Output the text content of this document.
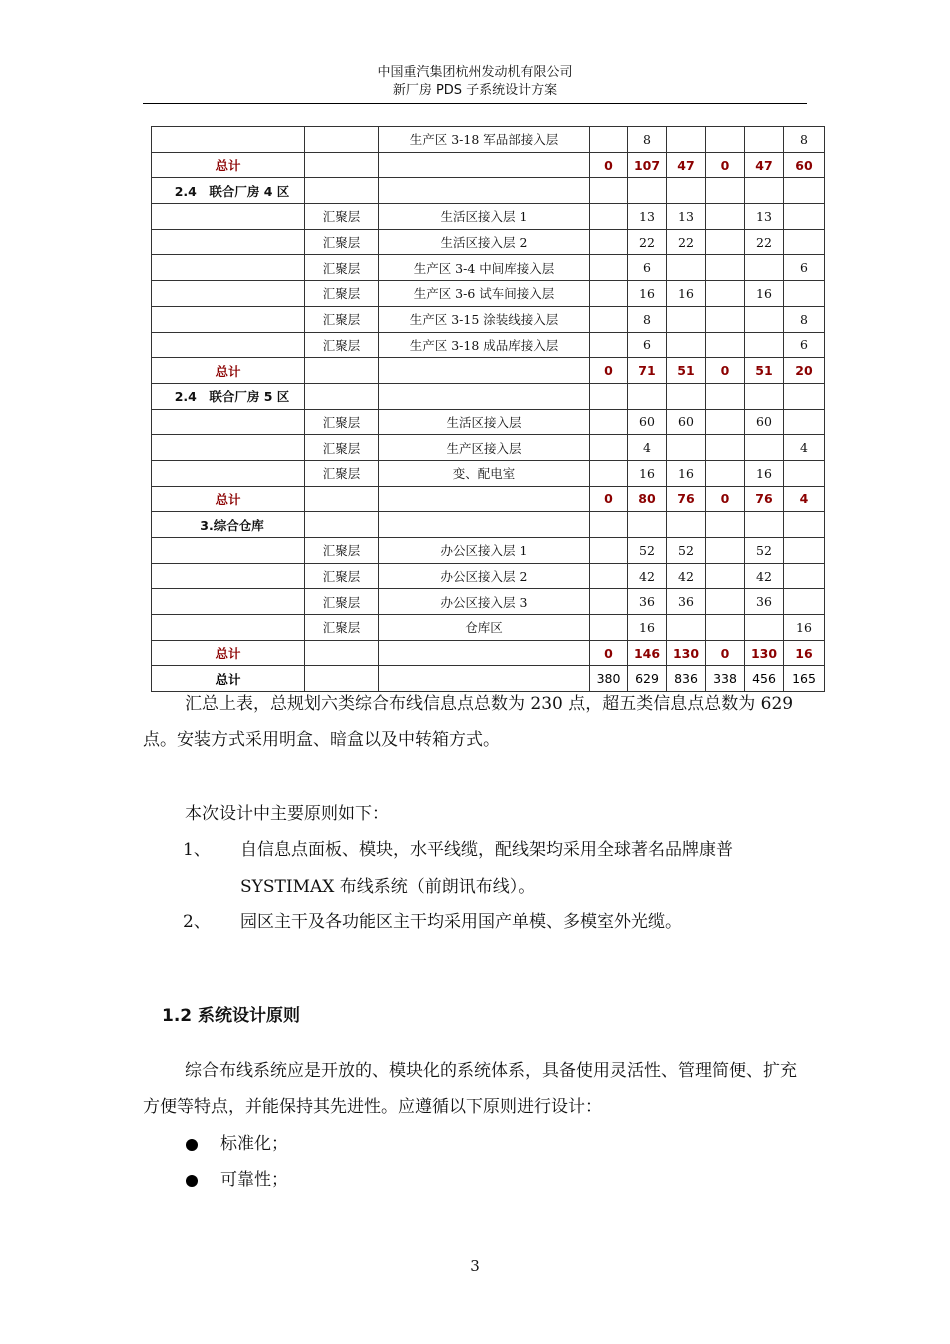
中国重汽集团杭州发动机有限公司
新厂房 PDS 子系统设计方案
		生产区 3-18 军品部接入层		8				8
总计			0	107	47	0	47	60
2.4　联合厂房 4 区								
	汇聚层	生活区接入层 1		13	13		13	
	汇聚层	生活区接入层 2		22	22		22	
	汇聚层	生产区 3-4 中间库接入层		6				6
	汇聚层	生产区 3-6 试车间接入层		16	16		16	
	汇聚层	生产区 3-15 涂装线接入层		8				8
	汇聚层	生产区 3-18 成品库接入层		6				6
总计			0	71	51	0	51	20
2.4　联合厂房 5 区								
	汇聚层	生活区接入层		60	60		60	
	汇聚层	生产区接入层		4				4
	汇聚层	变、配电室		16	16		16	
总计			0	80	76	0	76	4
3.综合仓库								
	汇聚层	办公区接入层 1		52	52		52	
	汇聚层	办公区接入层 2		42	42		42	
	汇聚层	办公区接入层 3		36	36		36	
	汇聚层	仓库区		16				16
总计			0	146	130	0	130	16
总计			380	629	836	338	456	165
汇总上表，总规划六类综合布线信息点总数为 230 点，超五类信息点总数为 629 点。安装方式采用明盒、暗盒以及中转箱方式。
本次设计中主要原则如下：
1、 自信息点面板、模块，水平线缆，配线架均采用全球著名品牌康普
SYSTIMAX 布线系统（前朗讯布线）。
2、 园区主干及各功能区主干均采用国产单模、多模室外光缆。
1.2 系统设计原则
综合布线系统应是开放的、模块化的系统体系，具备使用灵活性、管理简便、扩充方便等特点，并能保持其先进性。应遵循以下原则进行设计：
标准化；
可靠性；
3
